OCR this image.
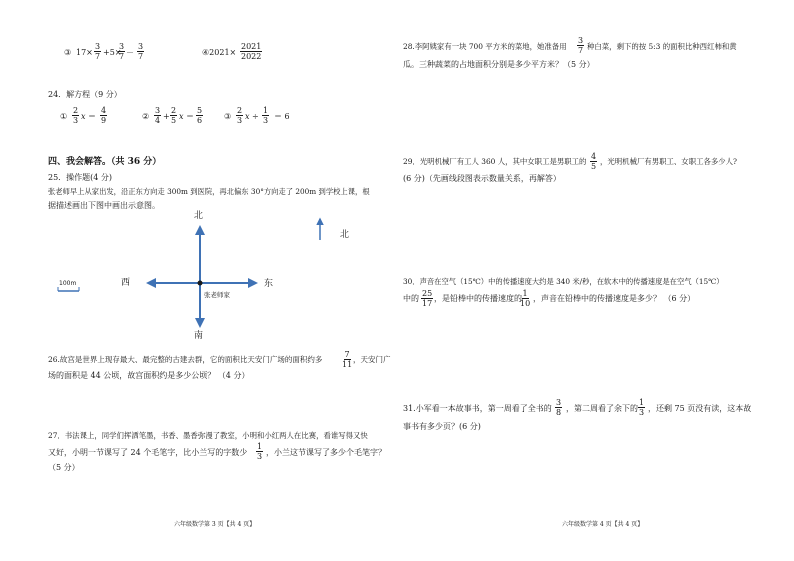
③ $17\times \frac{3}{7} +5\times$
$\frac{3}{7} - \frac{3}{7}$	④2021× $\frac{2021}{2022}$
24．解方程（9 分）
① $\frac{2}{3}$ $x = \frac{4}{9}$	② $\frac{3}{4} + \frac{2}{5}$ $x = \frac{5}{6}$	③ $\frac{2}{3}$ $x \div \frac{1}{3} = 6$
四、我会解答。（共 36 分）
25．操作题(4 分)
张老师早上从家出发，沿正东方向走 300m 到医院，再北偏东 30°方向走了 200m 到学校上课，根
据描述画出下图中画出示意图。
北
南
西	东
张老师家
100m
北
26.故宫是世界上现存最大、最完整的古建去群，它的面积比天安门广场的面积约多 $\frac{7}{11}$ ，天安门广
场的面积是 44 公顷，故宫面积约是多少公顷？ （4 分）
27．书法课上，同学们挥洒笔墨，书香、墨香弥漫了教室，小明和小红两人在比赛，看谁写得又快
又好，小明一节课写了 24 个毛笔字，比小兰写的字数少 $\frac{1}{3}$ ，小兰这节课写了多少个毛笔字？
（5 分）
六年级数学第 3 页【共 4 页】
28.李阿姨家有一块 700 平方米的菜地，她准备用 $\frac{3}{7}$ 种白菜，剩下的按 5:3 的面积比种西红柿和黄
瓜。三种蔬菜的占地面积分别是多少平方米？（5 分）
29．光明机械厂有工人 360 人，其中女职工是男职工的 $\frac{4}{5}$ ，光明机械厂有男职工、女职工各多少人?
(6 分)（先画线段图表示数量关系，再解答）
30．声音在空气（15℃）中的传播速度大约是 340 米/秒，在软木中的传播速度是在空气（15℃）
中的 $\frac{25}{17}$ ，是铅棒中的传播速度的
$\frac{1}{10}$ ，声音在铅棒中的传播速度是多少？ （6 分）
31.小军看一本故事书，第一周看了全书的 $\frac{3}{8}$ ，第二周看了余下的 $\frac{1}{3}$ ，还剩 75 页没有读，这本故
事书有多少页？(6 分)
六年级数学第 4 页【共 4 页】
